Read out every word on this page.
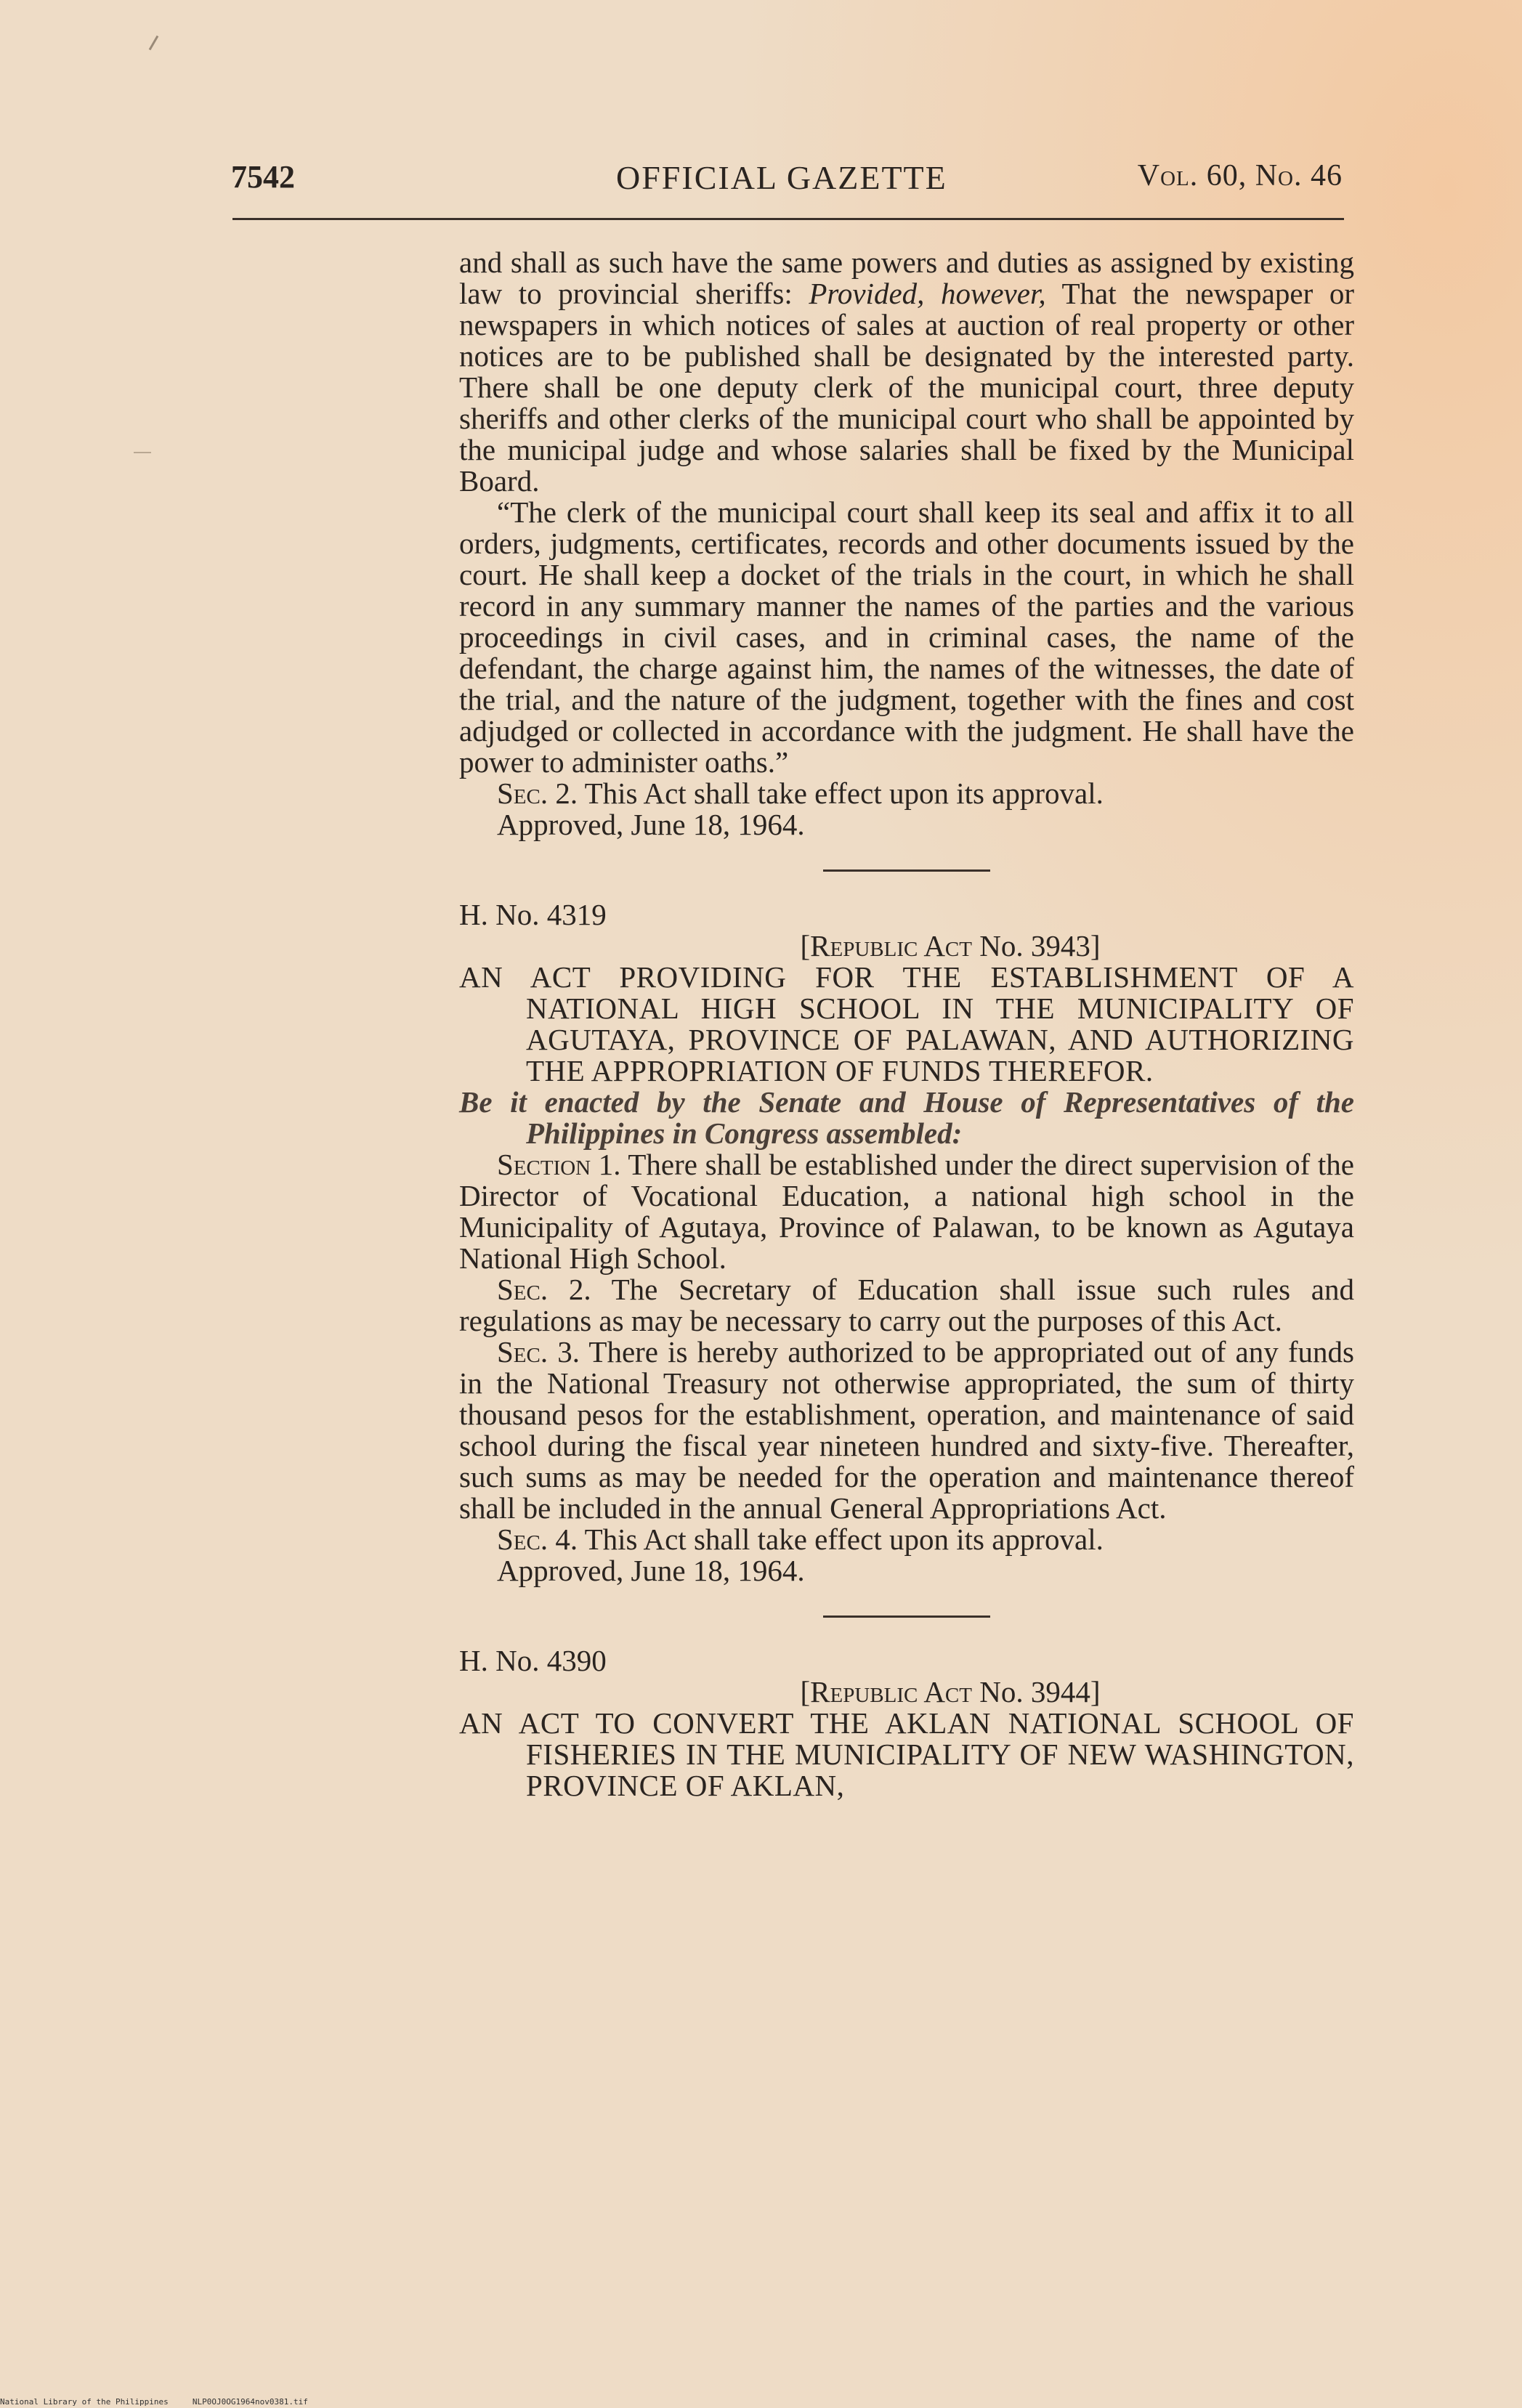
7542	OFFICIAL GAZETTE	Vol. 60, No. 46

and shall as such have the same powers and duties as assigned by existing law to provincial sheriffs: Provided, however, That the newspaper or newspapers in which notices of sales at auction of real property or other notices are to be published shall be designated by the interested party. There shall be one deputy clerk of the municipal court, three deputy sheriffs and other clerks of the municipal court who shall be appointed by the municipal judge and whose salaries shall be fixed by the Municipal Board.

“The clerk of the municipal court shall keep its seal and affix it to all orders, judgments, certificates, records and other documents issued by the court. He shall keep a docket of the trials in the court, in which he shall record in any summary manner the names of the parties and the various proceedings in civil cases, and in criminal cases, the name of the defendant, the charge against him, the names of the witnesses, the date of the trial, and the nature of the judgment, together with the fines and cost adjudged or collected in accordance with the judgment. He shall have the power to administer oaths.”

Sec. 2. This Act shall take effect upon its approval.

Approved, June 18, 1964.

H. No. 4319

[Republic Act No. 3943]

AN ACT PROVIDING FOR THE ESTABLISHMENT OF A NATIONAL HIGH SCHOOL IN THE MUNICIPALITY OF AGUTAYA, PROVINCE OF PALAWAN, AND AUTHORIZING THE APPROPRIATION OF FUNDS THEREFOR.

Be it enacted by the Senate and House of Representatives of the Philippines in Congress assembled:

Section 1. There shall be established under the direct supervision of the Director of Vocational Education, a national high school in the Municipality of Agutaya, Province of Palawan, to be known as Agutaya National High School.

Sec. 2. The Secretary of Education shall issue such rules and regulations as may be necessary to carry out the purposes of this Act.

Sec. 3. There is hereby authorized to be appropriated out of any funds in the National Treasury not otherwise appropriated, the sum of thirty thousand pesos for the establishment, operation, and maintenance of said school during the fiscal year nineteen hundred and sixty-five. Thereafter, such sums as may be needed for the operation and maintenance thereof shall be included in the annual General Appropriations Act.

Sec. 4. This Act shall take effect upon its approval.

Approved, June 18, 1964.

H. No. 4390

[Republic Act No. 3944]

AN ACT TO CONVERT THE AKLAN NATIONAL SCHOOL OF FISHERIES IN THE MUNICIPALITY OF NEW WASHINGTON, PROVINCE OF AKLAN,

National Library of the Philippines	NLP0OJ0OG1964nov0381.tif
